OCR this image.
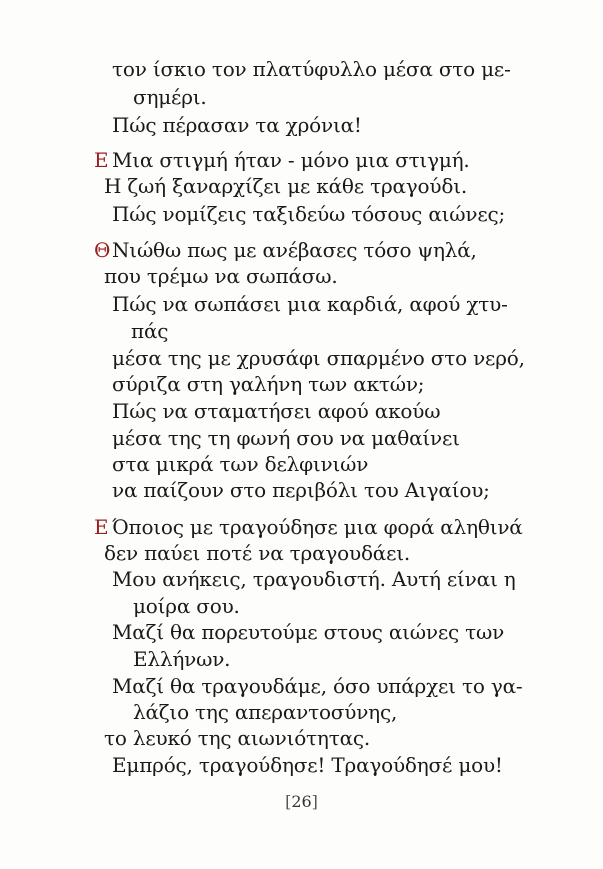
τον ίσκιο τον πλατύφυλλο μέσα στο με-
σημέρι.
Πώς πέρασαν τα χρόνια!
Ε Μια στιγμή ήταν - μόνο μια στιγμή.
Η ζωή ξαναρχίζει με κάθε τραγούδι.
Πώς νομίζεις ταξιδεύω τόσους αιώνες;
Θ Νιώθω πως με ανέβασες τόσο ψηλά,
που τρέμω να σωπάσω.
Πώς να σωπάσει μια καρδιά, αφού χτυ-
πάς
μέσα της με χρυσάφι σπαρμένο στο νερό,
σύριζα στη γαλήνη των ακτών;
Πώς να σταματήσει αφού ακούω
μέσα της τη φωνή σου να μαθαίνει
στα μικρά των δελφινιών
να παίζουν στο περιβόλι του Αιγαίου;
Ε Όποιος με τραγούδησε μια φορά αληθινά
δεν παύει ποτέ να τραγουδάει.
Μου ανήκεις, τραγουδιστή. Αυτή είναι η
μοίρα σου.
Μαζί θα πορευτούμε στους αιώνες των
Ελλήνων.
Μαζί θα τραγουδάμε, όσο υπάρχει το γα-
λάζιο της απεραντοσύνης,
το λευκό της αιωνιότητας.
Εμπρός, τραγούδησε! Τραγούδησέ μου!
[26]
